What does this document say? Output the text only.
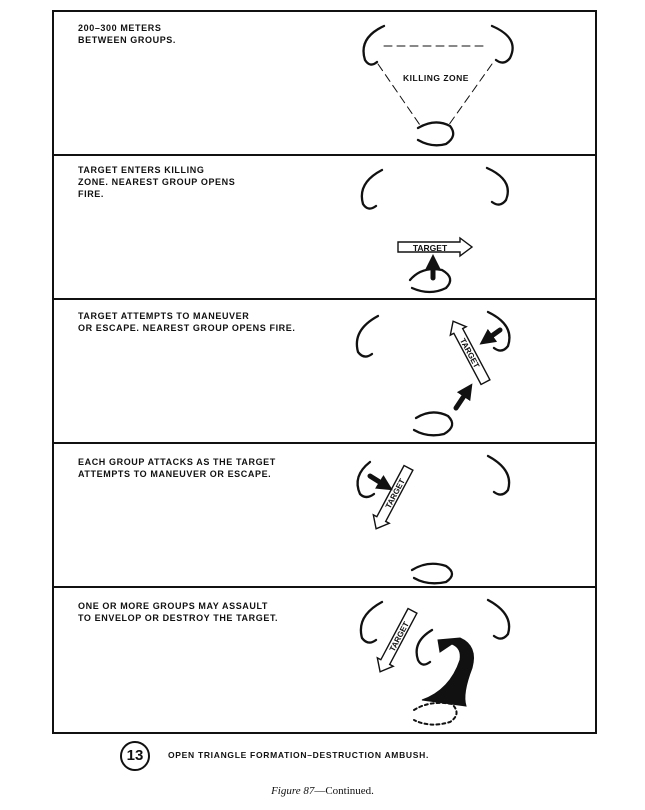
200–300 METERS
BETWEEN GROUPS.
TARGET ENTERS KILLING
ZONE. NEAREST GROUP OPENS
FIRE.
TARGET ATTEMPTS TO MANEUVER
OR ESCAPE. NEAREST GROUP OPENS FIRE.
EACH GROUP ATTACKS AS THE TARGET
ATTEMPTS TO MANEUVER OR ESCAPE.
ONE OR MORE GROUPS MAY ASSAULT
TO ENVELOP OR DESTROY THE TARGET.
KILLING ZONE
TARGET
TARGET
TARGET
TARGET
13	OPEN TRIANGLE FORMATION–DESTRUCTION AMBUSH.
Figure 87—Continued.
